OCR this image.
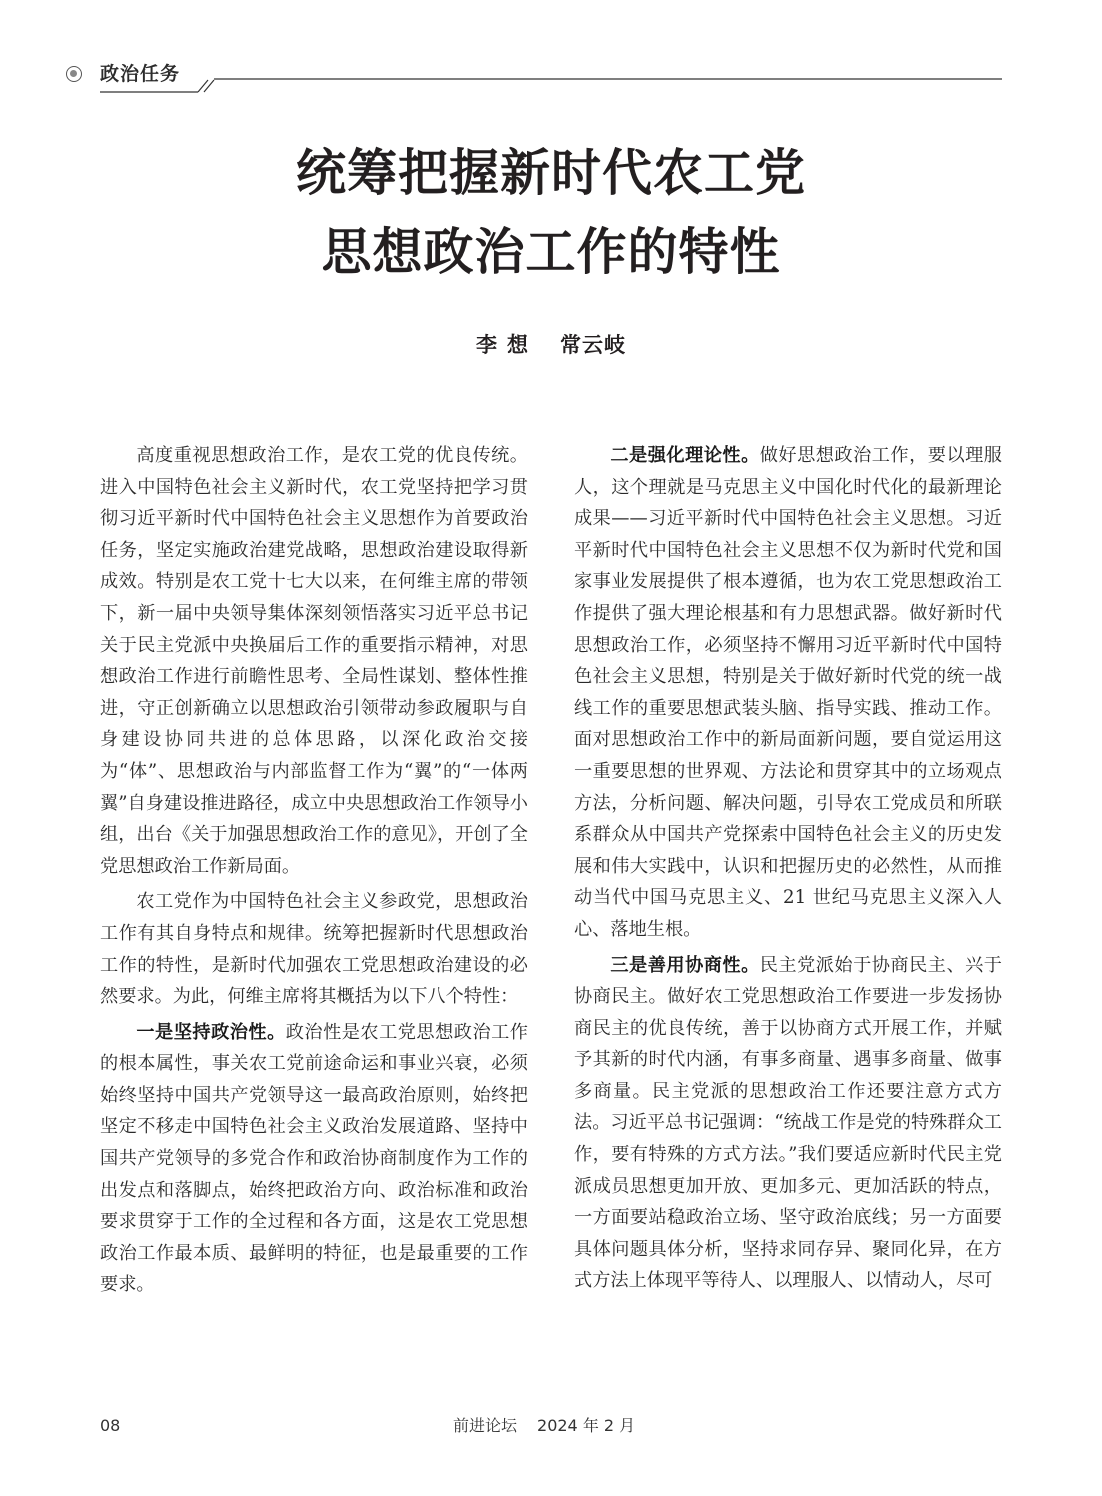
政治任务
统筹把握新时代农工党
思想政治工作的特性
李想 常云岐

高度重视思想政治工作，是农工党的优良传统。进入中国特色社会主义新时代，农工党坚持把学习贯彻习近平新时代中国特色社会主义思想作为首要政治任务，坚定实施政治建党战略，思想政治建设取得新成效。特别是农工党十七大以来，在何维主席的带领下，新一届中央领导集体深刻领悟落实习近平总书记关于民主党派中央换届后工作的重要指示精神，对思想政治工作进行前瞻性思考、全局性谋划、整体性推进，守正创新确立以思想政治引领带动参政履职与自身建设协同共进的总体思路，以深化政治交接为“体”、思想政治与内部监督工作为“翼”的“一体两翼”自身建设推进路径，成立中央思想政治工作领导小组，出台《关于加强思想政治工作的意见》，开创了全党思想政治工作新局面。

农工党作为中国特色社会主义参政党，思想政治工作有其自身特点和规律。统筹把握新时代思想政治工作的特性，是新时代加强农工党思想政治建设的必然要求。为此，何维主席将其概括为以下八个特性：

一是坚持政治性。政治性是农工党思想政治工作的根本属性，事关农工党前途命运和事业兴衰，必须始终坚持中国共产党领导这一最高政治原则，始终把坚定不移走中国特色社会主义政治发展道路、坚持中国共产党领导的多党合作和政治协商制度作为工作的出发点和落脚点，始终把政治方向、政治标准和政治要求贯穿于工作的全过程和各方面，这是农工党思想政治工作最本质、最鲜明的特征，也是最重要的工作要求。

二是强化理论性。做好思想政治工作，要以理服人，这个理就是马克思主义中国化时代化的最新理论成果——习近平新时代中国特色社会主义思想。习近平新时代中国特色社会主义思想不仅为新时代党和国家事业发展提供了根本遵循，也为农工党思想政治工作提供了强大理论根基和有力思想武器。做好新时代思想政治工作，必须坚持不懈用习近平新时代中国特色社会主义思想，特别是关于做好新时代党的统一战线工作的重要思想武装头脑、指导实践、推动工作。面对思想政治工作中的新局面新问题，要自觉运用这一重要思想的世界观、方法论和贯穿其中的立场观点方法，分析问题、解决问题，引导农工党成员和所联系群众从中国共产党探索中国特色社会主义的历史发展和伟大实践中，认识和把握历史的必然性，从而推动当代中国马克思主义、21 世纪马克思主义深入人心、落地生根。

三是善用协商性。民主党派始于协商民主、兴于协商民主。做好农工党思想政治工作要进一步发扬协商民主的优良传统，善于以协商方式开展工作，并赋予其新的时代内涵，有事多商量、遇事多商量、做事多商量。民主党派的思想政治工作还要注意方式方法。习近平总书记强调：“统战工作是党的特殊群众工作，要有特殊的方式方法。”我们要适应新时代民主党派成员思想更加开放、更加多元、更加活跃的特点，一方面要站稳政治立场、坚守政治底线；另一方面要具体问题具体分析，坚持求同存异、聚同化异，在方式方法上体现平等待人、以理服人、以情动人，尽可

08	前进论坛 2024 年 2 月
